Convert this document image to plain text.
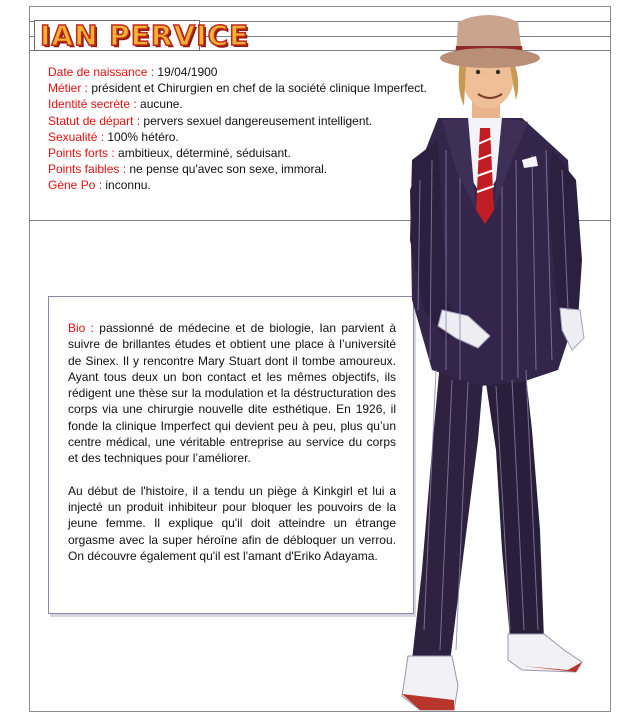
IAN PERVICE

Date de naissance : 19/04/1900

Métier : président et Chirurgien en chef de la société clinique Imperfect.

Identité secrète : aucune.

Statut de départ : pervers sexuel dangereusement intelligent.

Sexualité : 100% hétéro.

Points forts : ambitieux, déterminé, séduisant.

Points faibles : ne pense qu'avec son sexe, immoral.

Gène Po : inconnu.

Bio : passionné de médecine et de biologie, Ian parvient à suivre de brillantes études et obtient une place à l’université de Sinex. Il y rencontre Mary Stuart dont il tombe amoureux. Ayant tous deux un bon contact et les mêmes objectifs, ils rédigent une thèse sur la modulation et la déstructuration des corps via une chirurgie nouvelle dite esthétique. En 1926, il fonde la clinique Imperfect qui devient peu à peu, plus qu’un centre médical, une véritable entreprise au service du corps et des techniques pour l’améliorer.

Au début de l'histoire, il a tendu un piège à Kinkgirl et lui a injecté un produit inhibiteur pour bloquer les pouvoirs de la jeune femme. Il explique qu'il doit atteindre un étrange orgasme avec la super héroïne afin de débloquer un verrou. On découvre également qu'il est l'amant d'Eriko Adayama.
